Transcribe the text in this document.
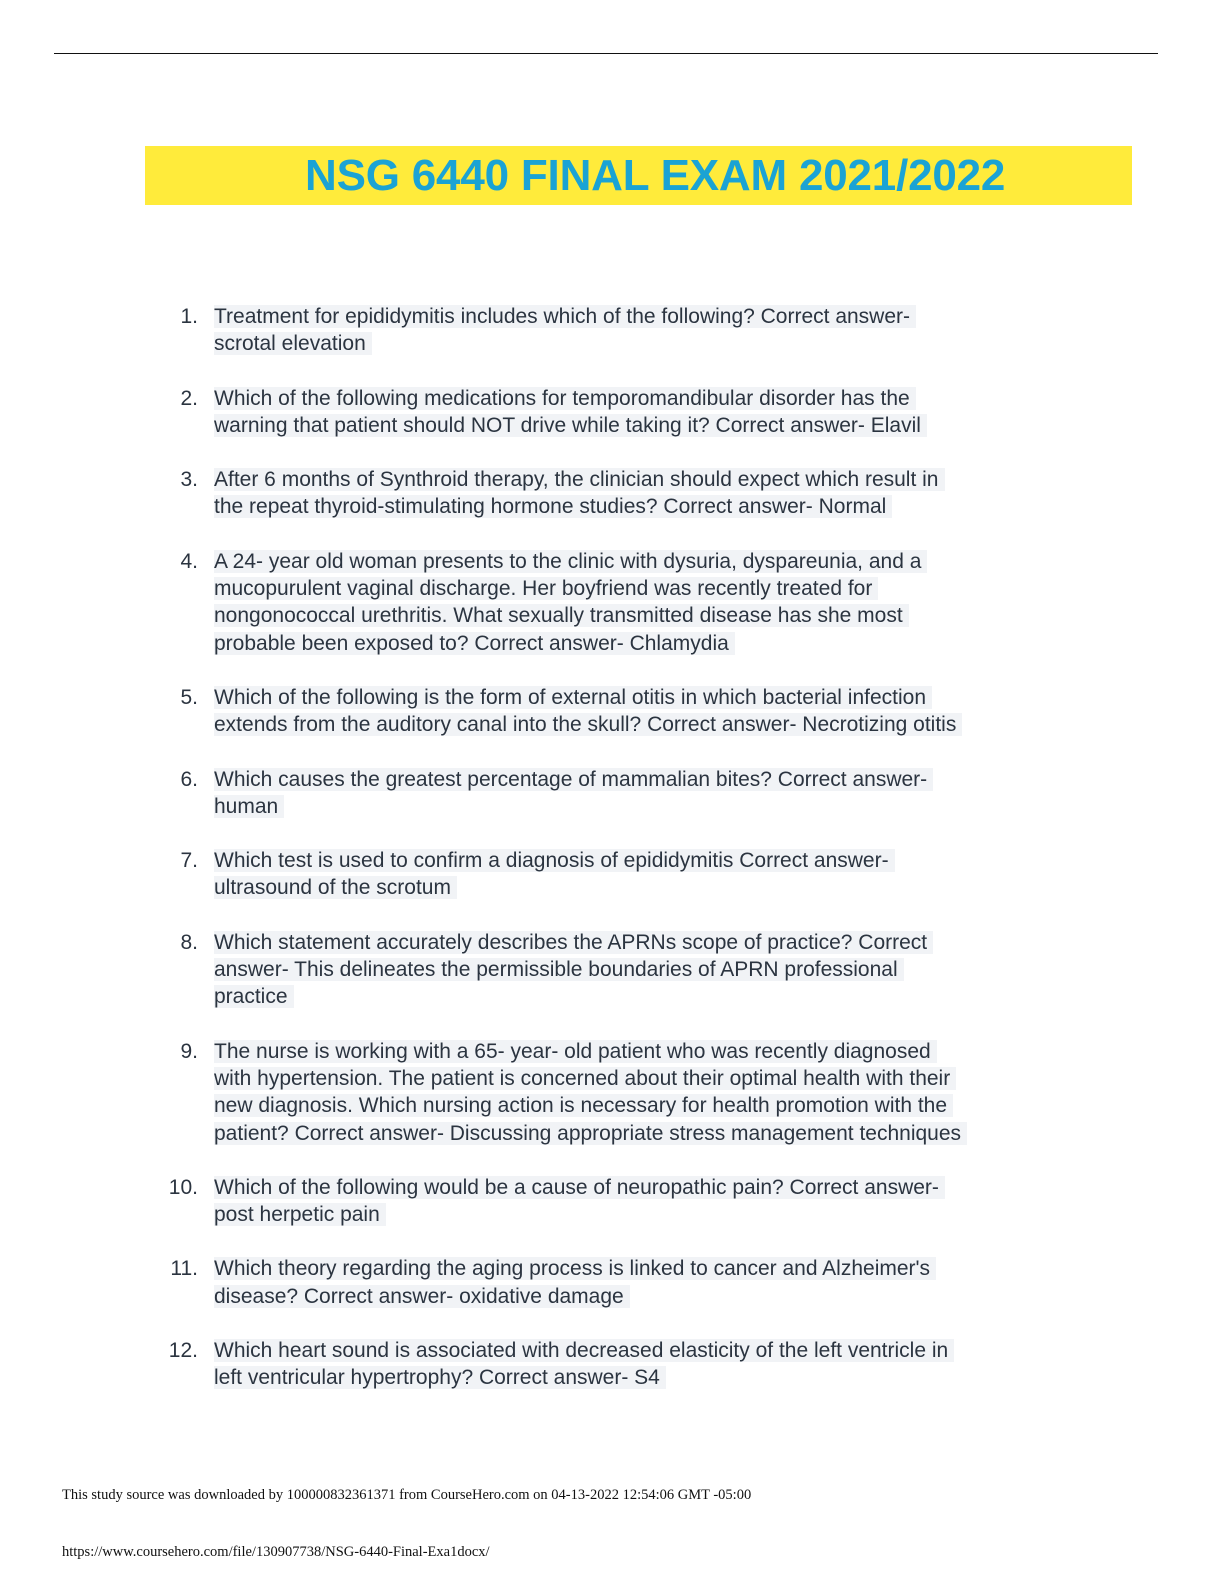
NSG 6440 FINAL EXAM 2021/2022
1. Treatment for epididymitis includes which of the following? Correct answer-
scrotal elevation
2. Which of the following medications for temporomandibular disorder has the
warning that patient should NOT drive while taking it? Correct answer- Elavil
3. After 6 months of Synthroid therapy, the clinician should expect which result in
the repeat thyroid-stimulating hormone studies? Correct answer- Normal
4. A 24- year old woman presents to the clinic with dysuria, dyspareunia, and a
mucopurulent vaginal discharge. Her boyfriend was recently treated for
nongonococcal urethritis. What sexually transmitted disease has she most
probable been exposed to? Correct answer- Chlamydia
5. Which of the following is the form of external otitis in which bacterial infection
extends from the auditory canal into the skull? Correct answer- Necrotizing otitis
6. Which causes the greatest percentage of mammalian bites? Correct answer-
human
7. Which test is used to confirm a diagnosis of epididymitis Correct answer-
ultrasound of the scrotum
8. Which statement accurately describes the APRNs scope of practice? Correct
answer- This delineates the permissible boundaries of APRN professional
practice
9. The nurse is working with a 65- year- old patient who was recently diagnosed
with hypertension. The patient is concerned about their optimal health with their
new diagnosis. Which nursing action is necessary for health promotion with the
patient? Correct answer- Discussing appropriate stress management techniques
10. Which of the following would be a cause of neuropathic pain? Correct answer-
post herpetic pain
11. Which theory regarding the aging process is linked to cancer and Alzheimer's
disease? Correct answer- oxidative damage
12. Which heart sound is associated with decreased elasticity of the left ventricle in
left ventricular hypertrophy? Correct answer- S4
This study source was downloaded by 100000832361371 from CourseHero.com on 04-13-2022 12:54:06 GMT -05:00
https://www.coursehero.com/file/130907738/NSG-6440-Final-Exa1docx/
